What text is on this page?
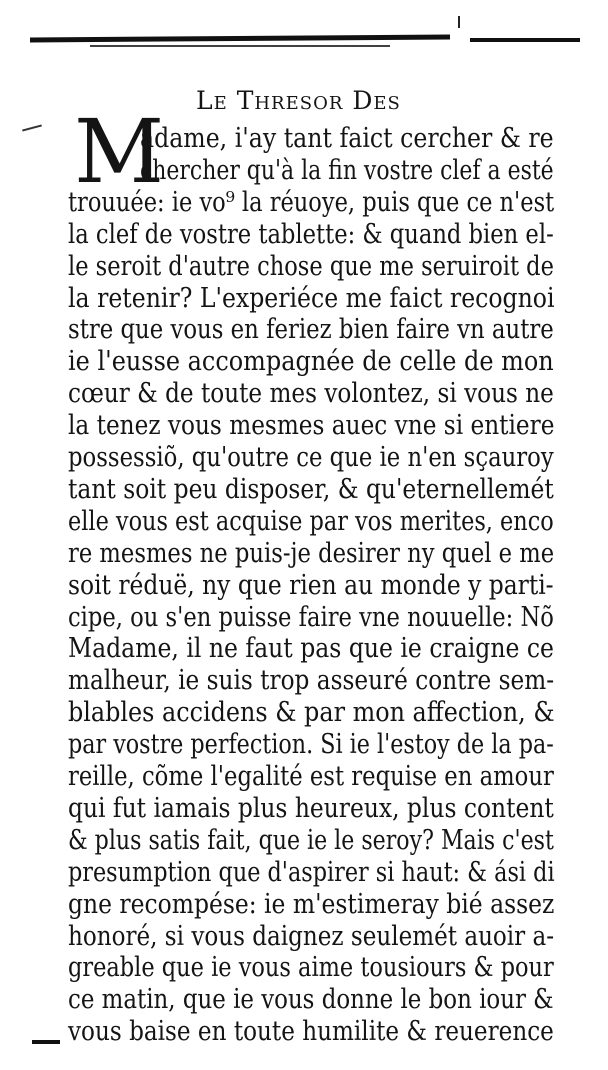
Le Thresor Des
M
adame, i'ay tant faict cercher & re
chercher qu'à la fin vostre clef a esté
trouuée: ie vo⁹ la réuoye, puis que ce n'est
la clef de vostre tablette: & quand bien el-
le seroit d'autre chose que me seruiroit de
la retenir? L'experiéce me faict recognoi
stre que vous en feriez bien faire vn autre
ie l'eusse accompagnée de celle de mon
cœur & de toute mes volontez, si vous ne
la tenez vous mesmes auec vne si entiere
possessiõ, qu'outre ce que ie n'en sçauroy
tant soit peu disposer, & qu'eternellemét
elle vous est acquise par vos merites, enco
re mesmes ne puis-je desirer ny quel e me
soit réduë, ny que rien au monde y parti-
cipe, ou s'en puisse faire vne nouuelle: Nõ
Madame, il ne faut pas que ie craigne ce
malheur, ie suis trop asseuré contre sem-
blables accidens & par mon affection, &
par vostre perfection. Si ie l'estoy de la pa-
reille, cõme l'egalité est requise en amour
qui fut iamais plus heureux, plus content
& plus satis fait, que ie le seroy? Mais c'est
presumption que d'aspirer si haut: & ási di
gne recompése: ie m'estimeray bié assez
honoré, si vous daignez seulemét auoir a-
greable que ie vous aime tousiours & pour
ce matin, que ie vous donne le bon iour &
vous baise en toute humilite & reuerence
